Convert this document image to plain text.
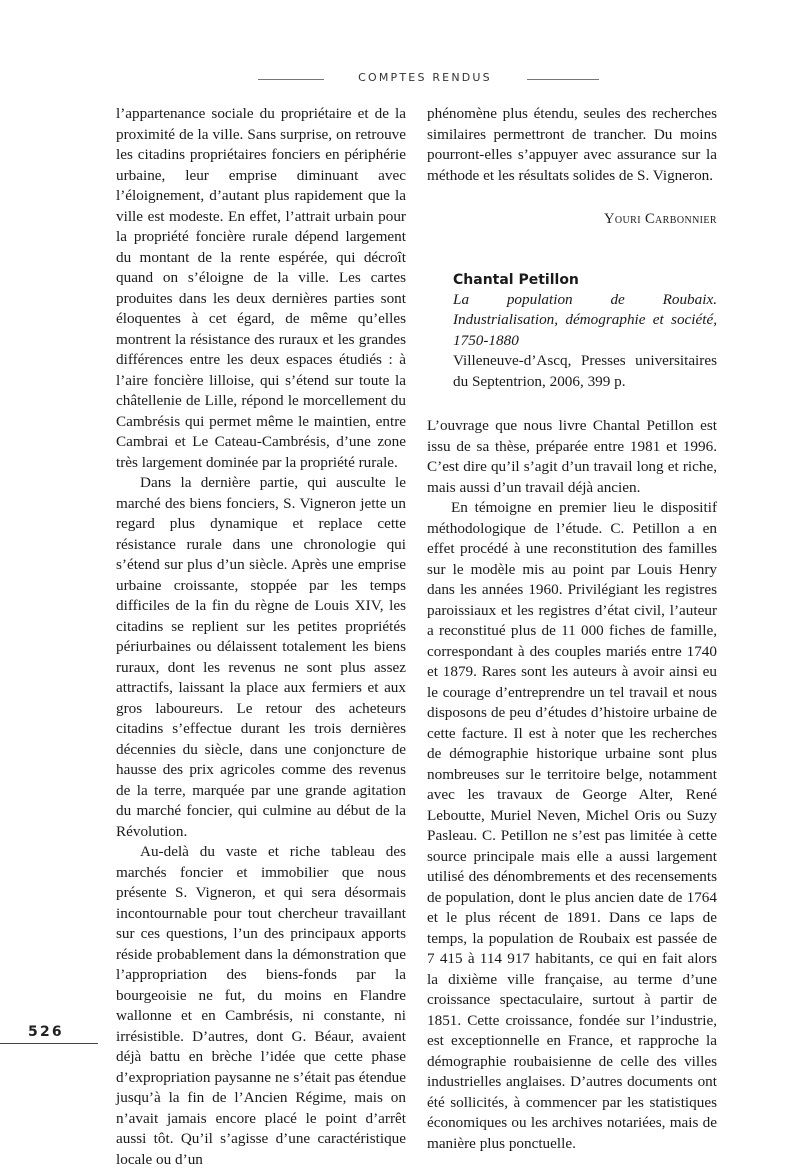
COMPTES RENDUS

l’appartenance sociale du propriétaire et de la proximité de la ville. Sans surprise, on retrouve les citadins propriétaires fonciers en périphérie urbaine, leur emprise diminuant avec l’éloignement, d’autant plus rapidement que la ville est modeste. En effet, l’attrait urbain pour la propriété foncière rurale dépend largement du montant de la rente espérée, qui décroît quand on s’éloigne de la ville. Les cartes produites dans les deux dernières parties sont éloquentes à cet égard, de même qu’elles montrent la résistance des ruraux et les grandes différences entre les deux espaces étudiés : à l’aire foncière lilloise, qui s’étend sur toute la châtellenie de Lille, répond le morcellement du Cambrésis qui permet même le maintien, entre Cambrai et Le Cateau-Cambrésis, d’une zone très largement dominée par la propriété rurale.

Dans la dernière partie, qui ausculte le marché des biens fonciers, S. Vigneron jette un regard plus dynamique et replace cette résistance rurale dans une chronologie qui s’étend sur plus d’un siècle. Après une emprise urbaine croissante, stoppée par les temps difficiles de la fin du règne de Louis XIV, les citadins se replient sur les petites propriétés périurbaines ou délaissent totalement les biens ruraux, dont les revenus ne sont plus assez attractifs, laissant la place aux fermiers et aux gros laboureurs. Le retour des acheteurs citadins s’effectue durant les trois dernières décennies du siècle, dans une conjoncture de hausse des prix agricoles comme des revenus de la terre, marquée par une grande agitation du marché foncier, qui culmine au début de la Révolution.

Au-delà du vaste et riche tableau des marchés foncier et immobilier que nous présente S. Vigneron, et qui sera désormais incontournable pour tout chercheur travaillant sur ces questions, l’un des principaux apports réside probablement dans la démonstration que l’appropriation des biens-fonds par la bourgeoisie ne fut, du moins en Flandre wallonne et en Cambrésis, ni constante, ni irrésistible. D’autres, dont G. Béaur, avaient déjà battu en brèche l’idée que cette phase d’expropriation paysanne ne s’était pas étendue jusqu’à la fin de l’Ancien Régime, mais on n’avait jamais encore placé le point d’arrêt aussi tôt. Qu’il s’agisse d’une caractéristique locale ou d’un

phénomène plus étendu, seules des recherches similaires permettront de trancher. Du moins pourront-elles s’appuyer avec assurance sur la méthode et les résultats solides de S. Vigneron.

Youri Carbonnier
Chantal Petillon
La population de Roubaix. Industrialisation, démographie et société, 1750-1880
Villeneuve-d’Ascq, Presses universitaires du Septentrion, 2006, 399 p.

L’ouvrage que nous livre Chantal Petillon est issu de sa thèse, préparée entre 1981 et 1996. C’est dire qu’il s’agit d’un travail long et riche, mais aussi d’un travail déjà ancien.

En témoigne en premier lieu le dispositif méthodologique de l’étude. C. Petillon a en effet procédé à une reconstitution des familles sur le modèle mis au point par Louis Henry dans les années 1960. Privilégiant les registres paroissiaux et les registres d’état civil, l’auteur a reconstitué plus de 11 000 fiches de famille, correspondant à des couples mariés entre 1740 et 1879. Rares sont les auteurs à avoir ainsi eu le courage d’entreprendre un tel travail et nous disposons de peu d’études d’histoire urbaine de cette facture. Il est à noter que les recherches de démographie historique urbaine sont plus nombreuses sur le territoire belge, notamment avec les travaux de George Alter, René Leboutte, Muriel Neven, Michel Oris ou Suzy Pasleau. C. Petillon ne s’est pas limitée à cette source principale mais elle a aussi largement utilisé des dénombrements et des recensements de population, dont le plus ancien date de 1764 et le plus récent de 1891. Dans ce laps de temps, la population de Roubaix est passée de 7 415 à 114 917 habitants, ce qui en fait alors la dixième ville française, au terme d’une croissance spectaculaire, surtout à partir de 1851. Cette croissance, fondée sur l’industrie, est exceptionnelle en France, et rapproche la démographie roubaisienne de celle des villes industrielles anglaises. D’autres documents ont été sollicités, à commencer par les statistiques économiques ou les archives notariées, mais de manière plus ponctuelle.

526
